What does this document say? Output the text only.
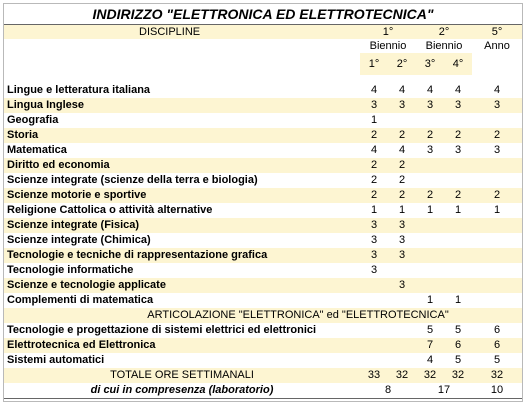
INDIRIZZO "ELETTRONICA ED ELETTROTECNICA"					
DISCIPLINE	1°		2°		5°
	Biennio		Biennio		Anno
	1°	2°	3°	4°	

Lingue e letteratura italiana	4	4	4	4	4
Lingua Inglese	3	3	3	3	3
Geografia	1				
Storia	2	2	2	2	2
Matematica	4	4	3	3	3
Diritto ed economia	2	2			
Scienze integrate (scienze della terra e biologia)	2	2			
Scienze motorie e sportive	2	2	2	2	2
Religione Cattolica o attività alternative	1	1	1	1	1
Scienze integrate (Fisica)	3	3			
Scienze integrate (Chimica)	3	3			
Tecnologie e tecniche di rappresentazione grafica	3	3			
Tecnologie informatiche	3				
Scienze e tecnologie applicate		3			
Complementi di matematica			1	1	
ARTICOLAZIONE "ELETTRONICA" ed "ELETTROTECNICA"					
Tecnologie e progettazione di sistemi elettrici ed elettronici			5	5	6
Elettrotecnica ed Elettronica			7	6	6
Sistemi automatici			4	5	5
TOTALE ORE SETTIMANALI	33	32	32	32	32
di cui in compresenza (laboratorio)	8		17		10
